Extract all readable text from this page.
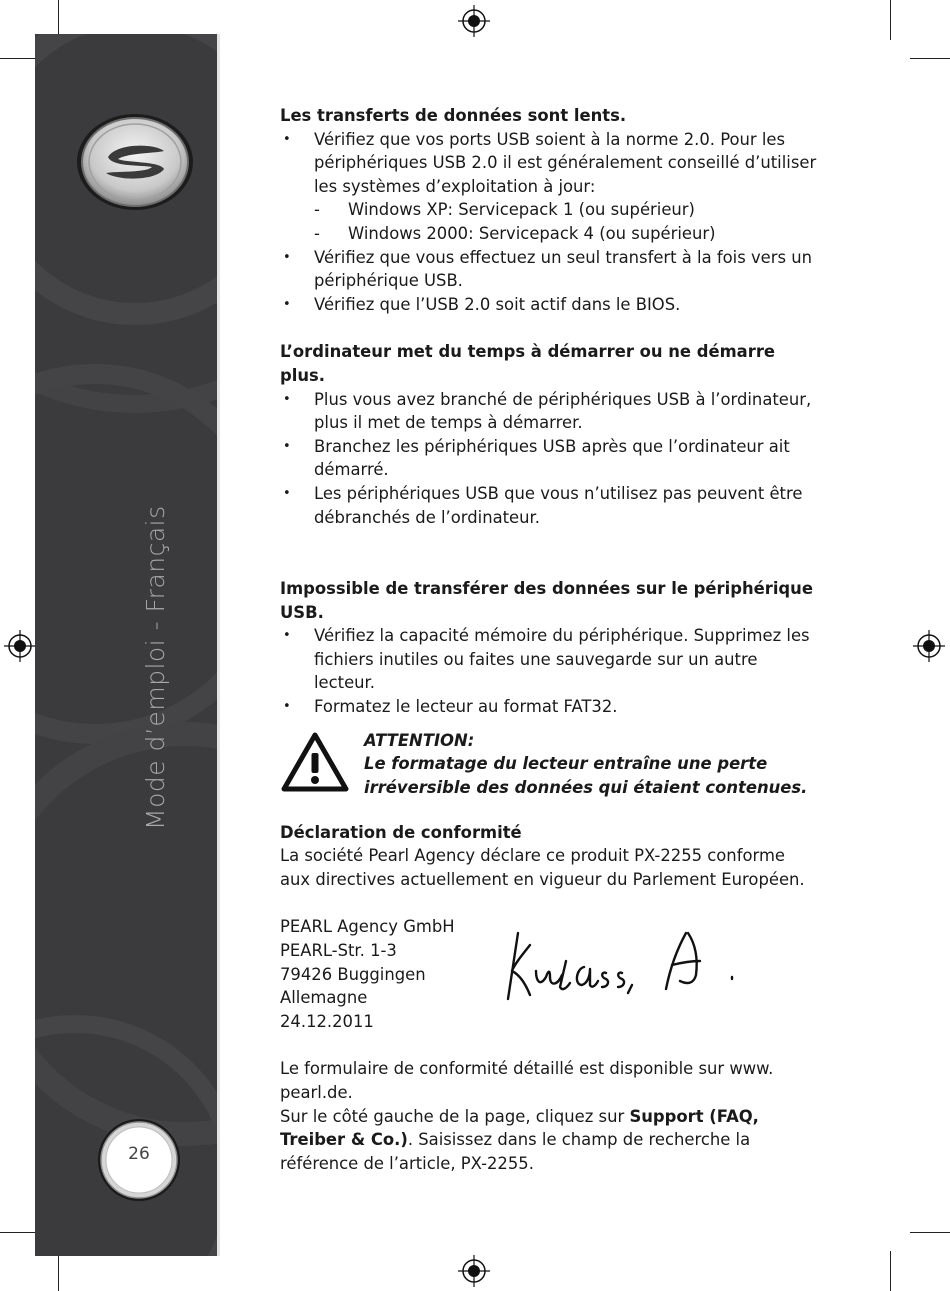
Mode d’emploi - Français
26

Les transferts de données sont lents.

• Vérifiez que vos ports USB soient à la norme 2.0. Pour les périphériques USB 2.0 il est généralement conseillé d’utiliser les systèmes d’exploitation à jour:
- Windows XP: Servicepack 1 (ou supérieur)
- Windows 2000: Servicepack 4 (ou supérieur)
• Vérifiez que vous effectuez un seul transfert à la fois vers un périphérique USB.
• Vérifiez que l’USB 2.0 soit actif dans le BIOS.

L’ordinateur met du temps à démarrer ou ne démarre plus.

• Plus vous avez branché de périphériques USB à l’ordinateur, plus il met de temps à démarrer.
• Branchez les périphériques USB après que l’ordinateur ait démarré.
• Les périphériques USB que vous n’utilisez pas peuvent être débranchés de l’ordinateur.

Impossible de transférer des données sur le périphérique USB.

• Vérifiez la capacité mémoire du périphérique. Supprimez les fichiers inutiles ou faites une sauvegarde sur un autre lecteur.
• Formatez le lecteur au format FAT32.
ATTENTION:
Le formatage du lecteur entraîne une perte
irréversible des données qui étaient contenues.

Déclaration de conformité

La société Pearl Agency déclare ce produit PX-2255 conforme aux directives actuellement en vigueur du Parlement Européen.

PEARL Agency GmbH
PEARL-Str. 1-3
79426 Buggingen
Allemagne
24.12.2011

Le formulaire de conformité détaillé est disponible sur www. pearl.de.

Sur le côté gauche de la page, cliquez sur Support (FAQ, Treiber & Co.). Saisissez dans le champ de recherche la référence de l’article, PX-2255.
